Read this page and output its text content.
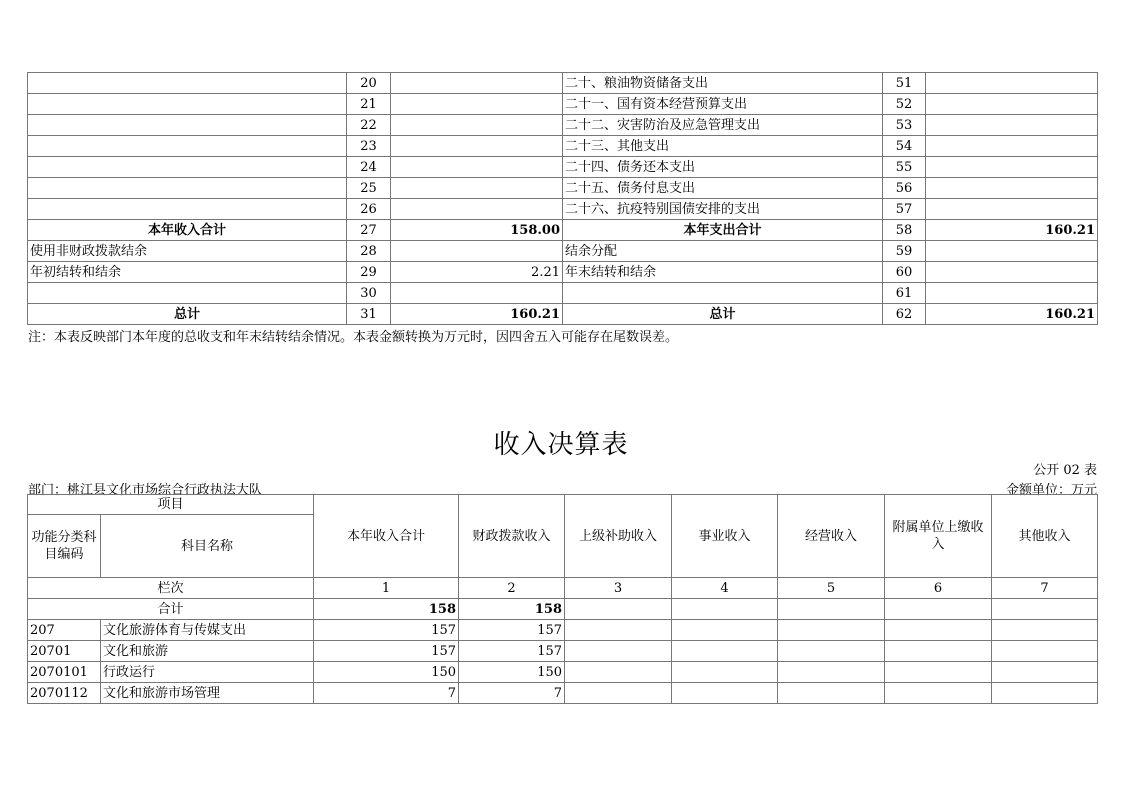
	20		二十、粮油物资储备支出	51	
	21		二十一、国有资本经营预算支出	52	
	22		二十二、灾害防治及应急管理支出	53	
	23		二十三、其他支出	54	
	24		二十四、债务还本支出	55	
	25		二十五、债务付息支出	56	
	26		二十六、抗疫特别国债安排的支出	57	
本年收入合计	27	158.00	本年支出合计	58	160.21
使用非财政拨款结余	28		结余分配	59	
年初结转和结余	29	2.21	年末结转和结余	60	
	30			61	
总计	31	160.21	总计	62	160.21
注：本表反映部门本年度的总收支和年末结转结余情况。本表金额转换为万元时，因四舍五入可能存在尾数误差。
收入决算表
公开 02 表
部门：桃江县文化市场综合行政执法大队	金额单位：万元
项目		本年收入合计	财政拨款收入	上级补助收入	事业收入	经营收入	附属单位上缴收入	其他收入
功能分类科目编码	科目名称							
栏次		1	2	3	4	5	6	7
合计		158	158					
207	文化旅游体育与传媒支出	157	157					
20701	文化和旅游	157	157					
2070101	行政运行	150	150					
2070112	文化和旅游市场管理	7	7					
